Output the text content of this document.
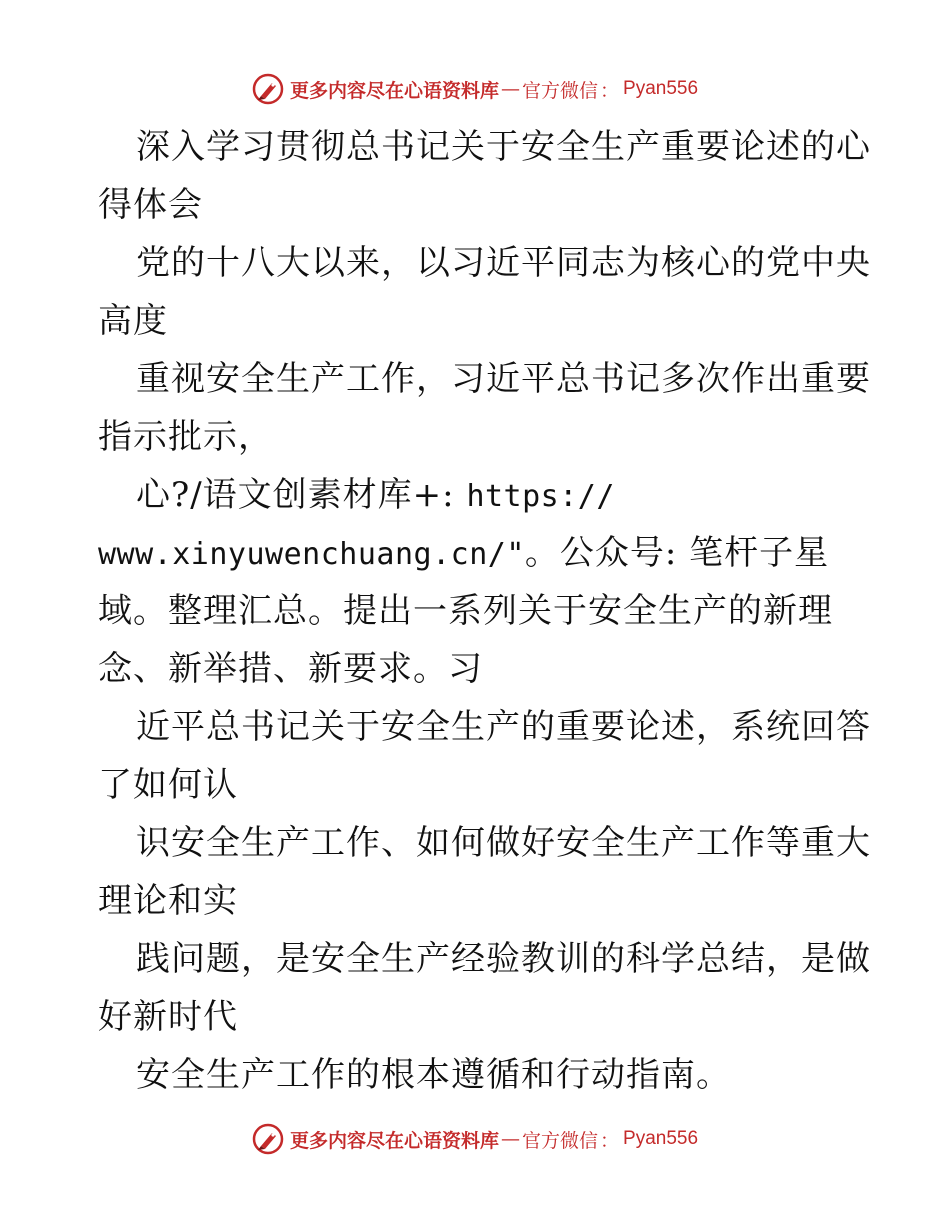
更多内容尽在心语资料库 — 官方微信 ： Pyan556
深入学习贯彻总书记关于安全生产重要论述的心
得体会
党的十八大以来，以习近平同志为核心的党中央
高度
重视安全生产工作，习近平总书记多次作出重要
指示批示，
心?/语文创素材库+: https://
www.xinyuwenchuang.cn/"。公众号: 笔杆子星
域。整理汇总。提出一系列关于安全生产的新理
念、新举措、新要求。习
近平总书记关于安全生产的重要论述，系统回答
了如何认
识安全生产工作、如何做好安全生产工作等重大
理论和实
践问题，是安全生产经验教训的科学总结，是做
好新时代
安全生产工作的根本遵循和行动指南。
更多内容尽在心语资料库 — 官方微信 ： Pyan556
